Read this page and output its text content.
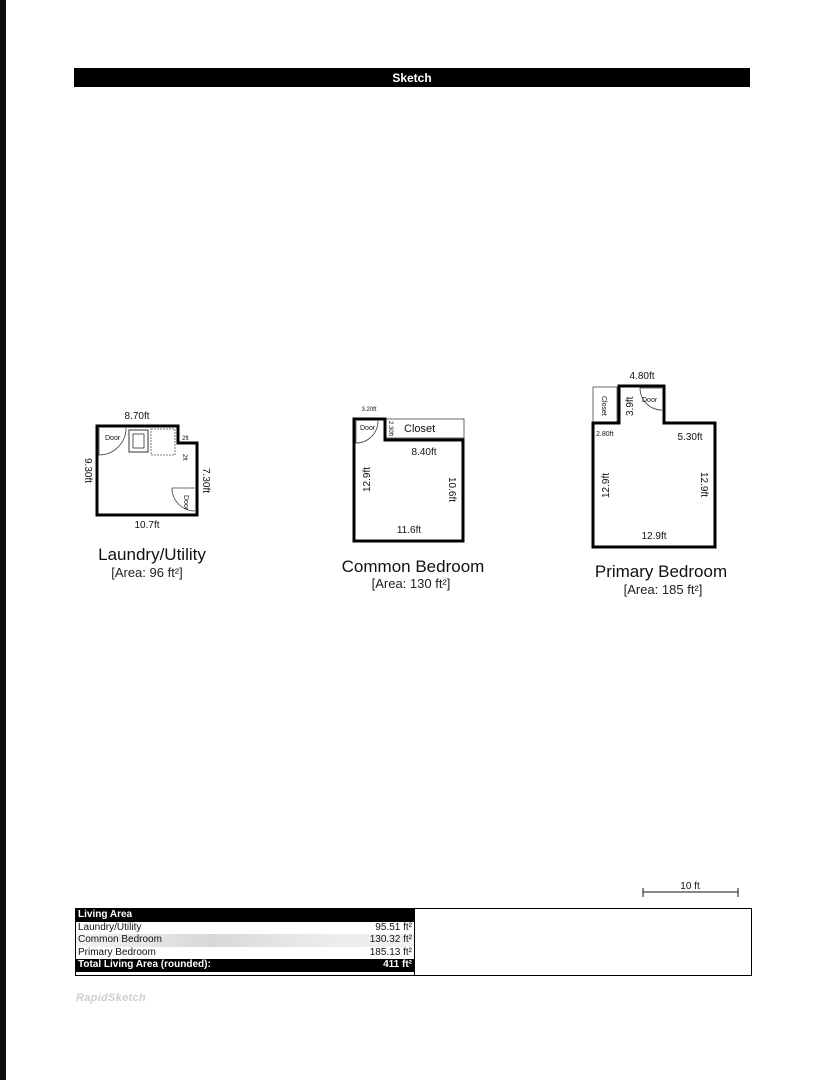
Sketch
Door
Door
8.70ft
2ft
2ft
7.30ft
10.7ft
9.30ft
Laundry/Utility
[Area: 96 ft²]
Door	Closet
3.20ft
2.30ft
8.40ft
12.9ft	10.6ft
11.6ft
Common Bedroom
[Area: 130 ft²]
Door
Closet
4.80ft
3.9ft
2.80ft	5.30ft
12.9ft	12.9ft
12.9ft
Primary Bedroom
[Area: 185 ft²]
10 ft
Living Area
Laundry/Utility	95.51 ft²
Common Bedroom	130.32 ft²
Primary Bedroom	185.13 ft²
Total Living Area (rounded):	411 ft²
RapidSketch
